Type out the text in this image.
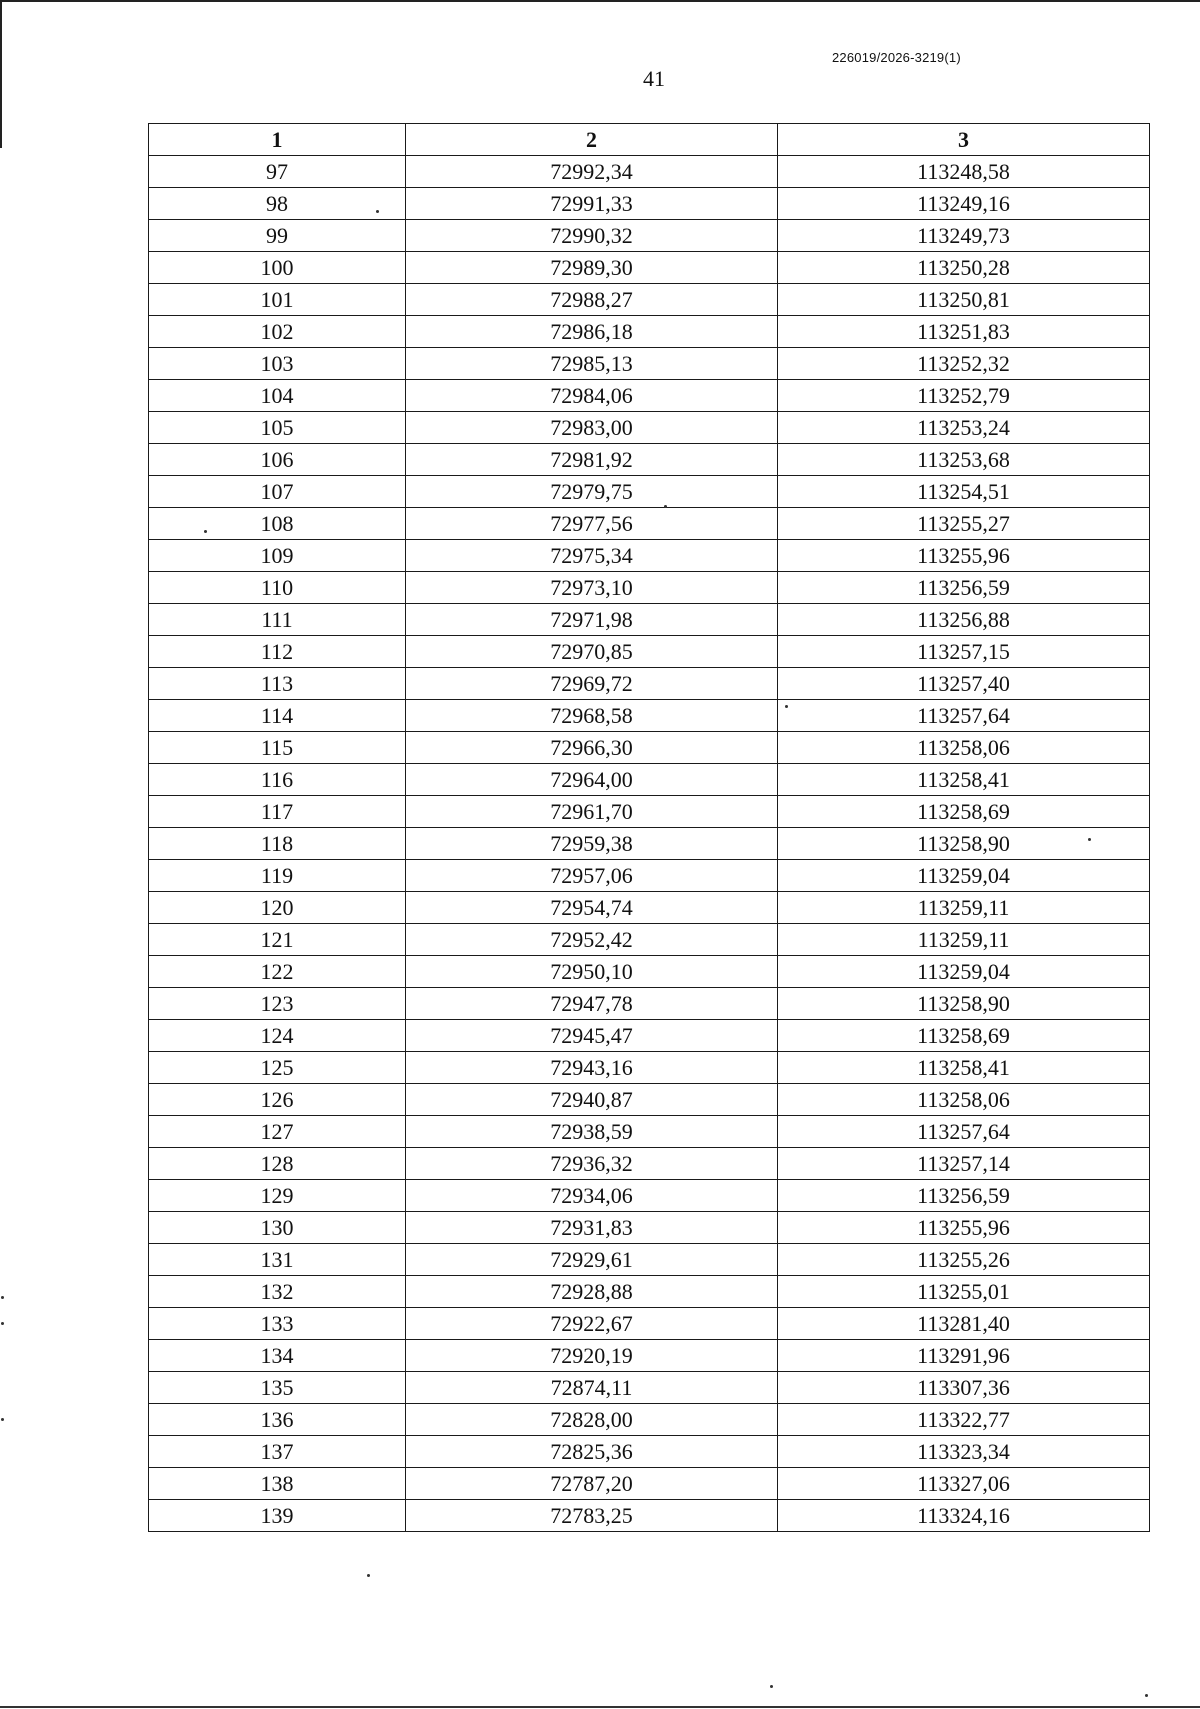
226019/2026-3219(1)
41
1	2	3
97	72992,34	113248,58
98	72991,33	113249,16
99	72990,32	113249,73
100	72989,30	113250,28
101	72988,27	113250,81
102	72986,18	113251,83
103	72985,13	113252,32
104	72984,06	113252,79
105	72983,00	113253,24
106	72981,92	113253,68
107	72979,75	113254,51
108	72977,56	113255,27
109	72975,34	113255,96
110	72973,10	113256,59
111	72971,98	113256,88
112	72970,85	113257,15
113	72969,72	113257,40
114	72968,58	113257,64
115	72966,30	113258,06
116	72964,00	113258,41
117	72961,70	113258,69
118	72959,38	113258,90
119	72957,06	113259,04
120	72954,74	113259,11
121	72952,42	113259,11
122	72950,10	113259,04
123	72947,78	113258,90
124	72945,47	113258,69
125	72943,16	113258,41
126	72940,87	113258,06
127	72938,59	113257,64
128	72936,32	113257,14
129	72934,06	113256,59
130	72931,83	113255,96
131	72929,61	113255,26
132	72928,88	113255,01
133	72922,67	113281,40
134	72920,19	113291,96
135	72874,11	113307,36
136	72828,00	113322,77
137	72825,36	113323,34
138	72787,20	113327,06
139	72783,25	113324,16
